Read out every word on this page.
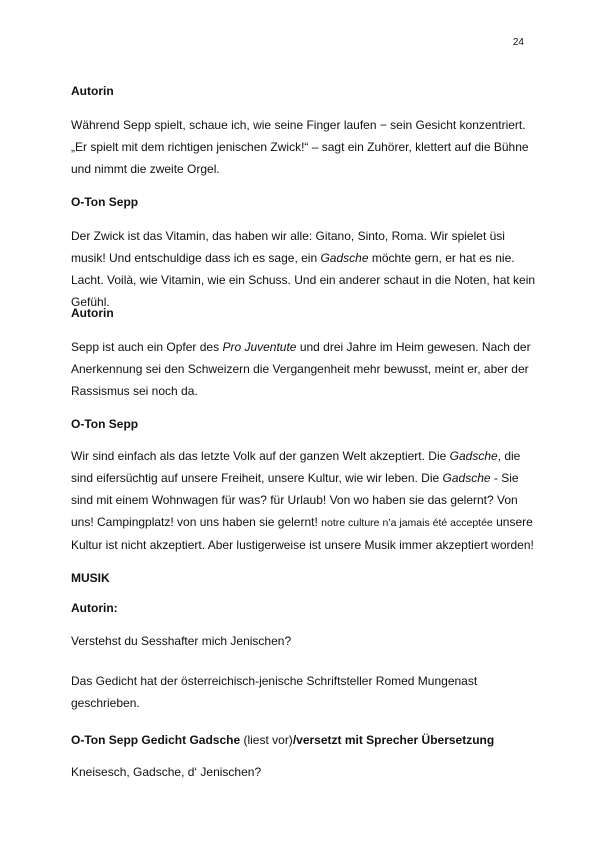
24
Autorin

Während Sepp spielt, schaue ich, wie seine Finger laufen − sein Gesicht konzentriert. „Er spielt mit dem richtigen jenischen Zwick!“ – sagt ein Zuhörer, klettert auf die Bühne und nimmt die zweite Orgel.

O-Ton Sepp

Der Zwick ist das Vitamin, das haben wir alle: Gitano, Sinto, Roma. Wir spielet üsi musik! Und entschuldige dass ich es sage, ein Gadsche möchte gern, er hat es nie. Lacht. Voilà, wie Vitamin, wie ein Schuss. Und ein anderer schaut in die Noten, hat kein Gefühl.

Autorin

Sepp ist auch ein Opfer des Pro Juventute und drei Jahre im Heim gewesen. Nach der Anerkennung sei den Schweizern die Vergangenheit mehr bewusst, meint er, aber der Rassismus sei noch da.

O-Ton Sepp

Wir sind einfach als das letzte Volk auf der ganzen Welt akzeptiert. Die Gadsche, die sind eifersüchtig auf unsere Freiheit, unsere Kultur, wie wir leben. Die Gadsche - Sie sind mit einem Wohnwagen für was? für Urlaub! Von wo haben sie das gelernt? Von uns! Campingplatz! von uns haben sie gelernt! notre culture n’a jamais été acceptée unsere Kultur ist nicht akzeptiert. Aber lustigerweise ist unsere Musik immer akzeptiert worden!

MUSIK
Autorin:
Verstehst du Sesshafter mich Jenischen?
Das Gedicht hat der österreichisch-jenische Schriftsteller Romed Mungenast geschrieben.
O-Ton Sepp Gedicht Gadsche (liest vor)/versetzt mit Sprecher Übersetzung
Kneisesch, Gadsche, d‘ Jenischen?
